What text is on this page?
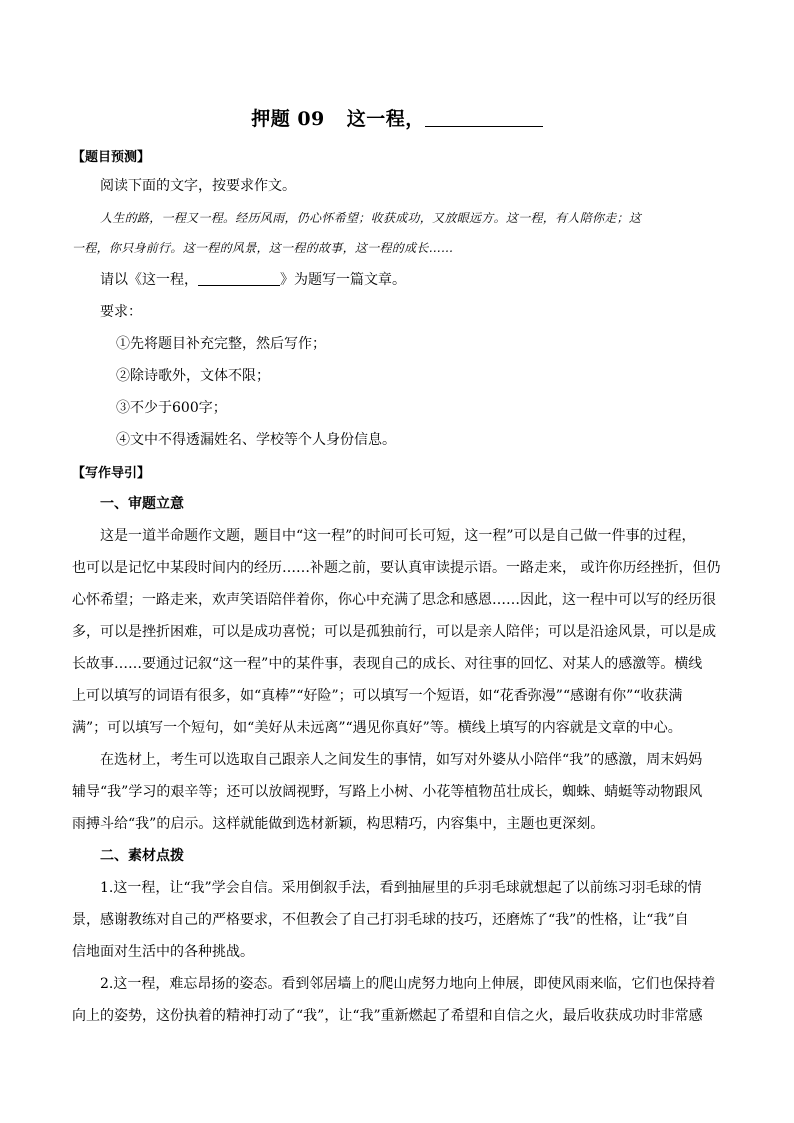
押题 09 这一程，
【题目预测】
阅读下面的文字，按要求作文。
人生的路，一程又一程。经历风雨，仍心怀希望；收获成功，又放眼远方。这一程，有人陪你走；这
一程，你只身前行。这一程的风景，这一程的故事，这一程的成长……
请以《这一程，	》为题写一篇文章。
要求：
①先将题目补充完整，然后写作；
②除诗歌外，文体不限；
③不少于600字；
④文中不得透漏姓名、学校等个人身份信息。
【写作导引】
一、审题立意
这是一道半命题作文题，题目中“这一程”的时间可长可短，这一程”可以是自己做一件事的过程，
也可以是记忆中某段时间内的经历……补题之前，要认真审读提示语。一路走来， 或许你历经挫折，但仍
心怀希望；一路走来，欢声笑语陪伴着你，你心中充满了思念和感恩……因此，这一程中可以写的经历很
多，可以是挫折困难，可以是成功喜悦；可以是孤独前行，可以是亲人陪伴；可以是沿途风景，可以是成
长故事……要通过记叙“这一程”中的某件事，表现自己的成长、对往事的回忆、对某人的感激等。横线
上可以填写的词语有很多，如“真棒”“好险”；可以填写一个短语，如“花香弥漫”“感谢有你”“收获满
满”；可以填写一个短句，如“美好从未远离”“遇见你真好”等。横线上填写的内容就是文章的中心。
在选材上，考生可以选取自己跟亲人之间发生的事情，如写对外婆从小陪伴“我”的感激，周末妈妈
辅导“我”学习的艰辛等；还可以放阔视野，写路上小树、小花等植物茁壮成长，蜘蛛、蜻蜓等动物跟风
雨搏斗给“我”的启示。这样就能做到选材新颖，构思精巧，内容集中，主题也更深刻。
二、素材点拨
1.这一程，让“我”学会自信。采用倒叙手法，看到抽屉里的乒羽毛球就想起了以前练习羽毛球的情
景，感谢教练对自己的严格要求，不但教会了自己打羽毛球的技巧，还磨炼了“我”的性格，让“我”自
信地面对生活中的各种挑战。
2.这一程，难忘昂扬的姿态。看到邻居墙上的爬山虎努力地向上伸展，即使风雨来临，它们也保持着
向上的姿势，这份执着的精神打动了“我”，让“我”重新燃起了希望和自信之火，最后收获成功时非常感
